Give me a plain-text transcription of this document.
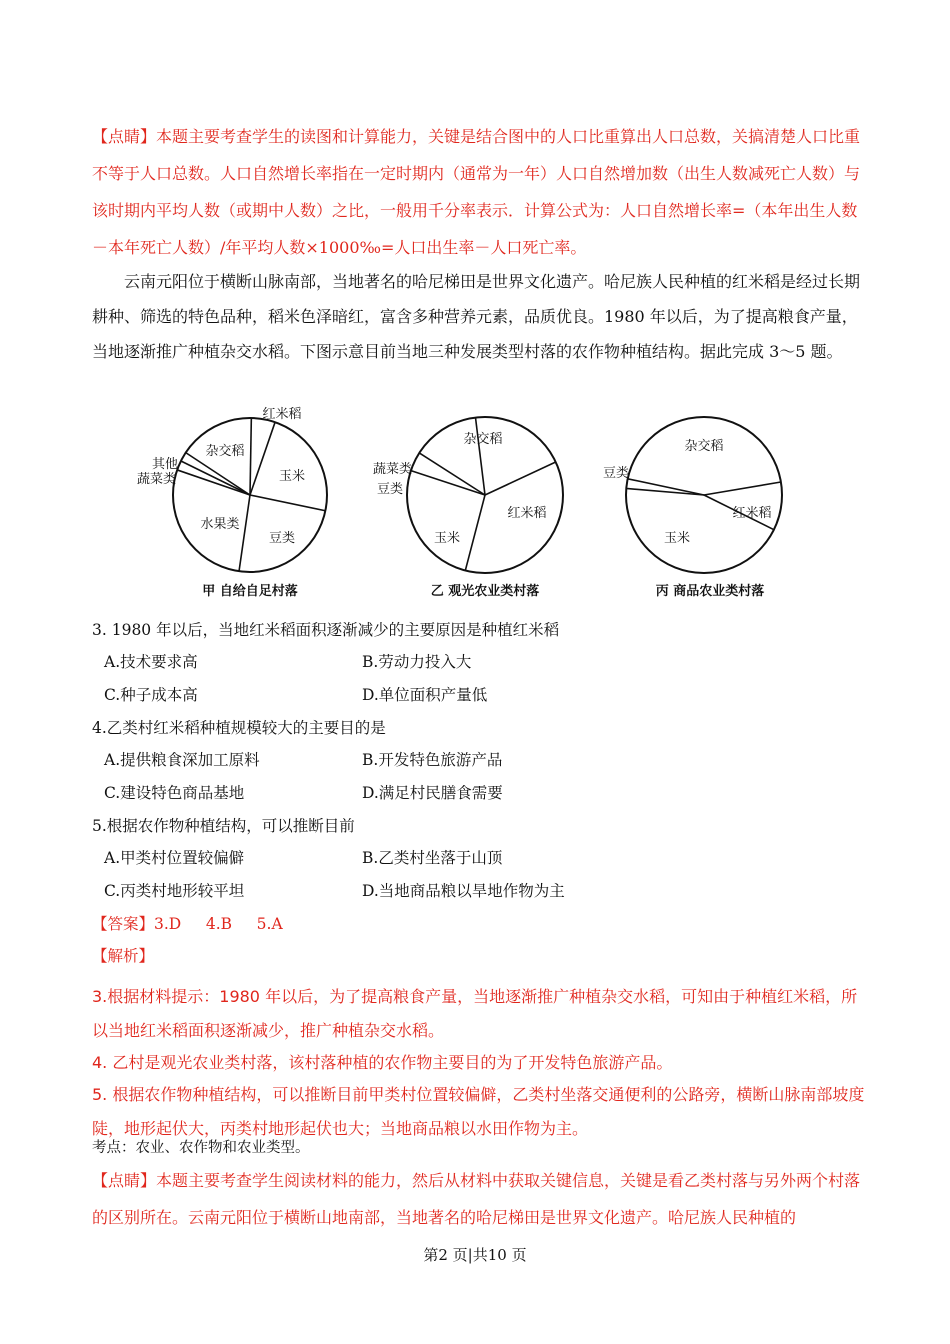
【点睛】本题主要考查学生的读图和计算能力，关键是结合图中的人口比重算出人口总数，关搞清楚人口比重不等于人口总数。人口自然增长率指在一定时期内（通常为一年）人口自然增加数（出生人数减死亡人数）与该时期内平均人数（或期中人数）之比，一般用千分率表示．计算公式为：人口自然增长率=（本年出生人数－本年死亡人数）/年平均人数×1000‰=人口出生率－人口死亡率。

云南元阳位于横断山脉南部，当地著名的哈尼梯田是世界文化遗产。哈尼族人民种植的红米稻是经过长期耕种、筛选的特色品种，稻米色泽暗红，富含多种营养元素，品质优良。1980 年以后，为了提高粮食产量，当地逐渐推广种植杂交水稻。下图示意目前当地三种发展类型村落的农作物种植结构。据此完成 3～5 题。

红米稻
玉米
豆类
水果类
蔬菜类
其他
杂交稻
甲 自给自足村落
杂交稻
红米稻
玉米
豆类
蔬菜类
乙 观光农业类村落
杂交稻
红米稻
玉米
豆类
丙 商品农业类村落
3. 1980 年以后，当地红米稻面积逐渐减少的主要原因是种植红米稻
A.技术要求高	B.劳动力投入大
C.种子成本高	D.单位面积产量低
4.乙类村红米稻种植规模较大的主要目的是
A.提供粮食深加工原料	B.开发特色旅游产品
C.建设特色商品基地	D.满足村民膳食需要
5.根据农作物种植结构，可以推断目前
A.甲类村位置较偏僻	B.乙类村坐落于山顶
C.丙类村地形较平坦	D.当地商品粮以旱地作物为主
【答案】3.D     4.B     5.A
【解析】

3.根据材料提示：1980 年以后，为了提高粮食产量，当地逐渐推广种植杂交水稻，可知由于种植红米稻，所以当地红米稻面积逐渐减少，推广种植杂交水稻。

4. 乙村是观光农业类村落，该村落种植的农作物主要目的为了开发特色旅游产品。

5. 根据农作物种植结构，可以推断目前甲类村位置较偏僻，乙类村坐落交通便利的公路旁，横断山脉南部坡度陡，地形起伏大，丙类村地形起伏也大；当地商品粮以水田作物为主。

考点：农业、农作物和农业类型。

【点睛】本题主要考查学生阅读材料的能力，然后从材料中获取关键信息，关键是看乙类村落与另外两个村落的区别所在。云南元阳位于横断山地南部，当地著名的哈尼梯田是世界文化遗产。哈尼族人民种植的

第2 页|共10 页
